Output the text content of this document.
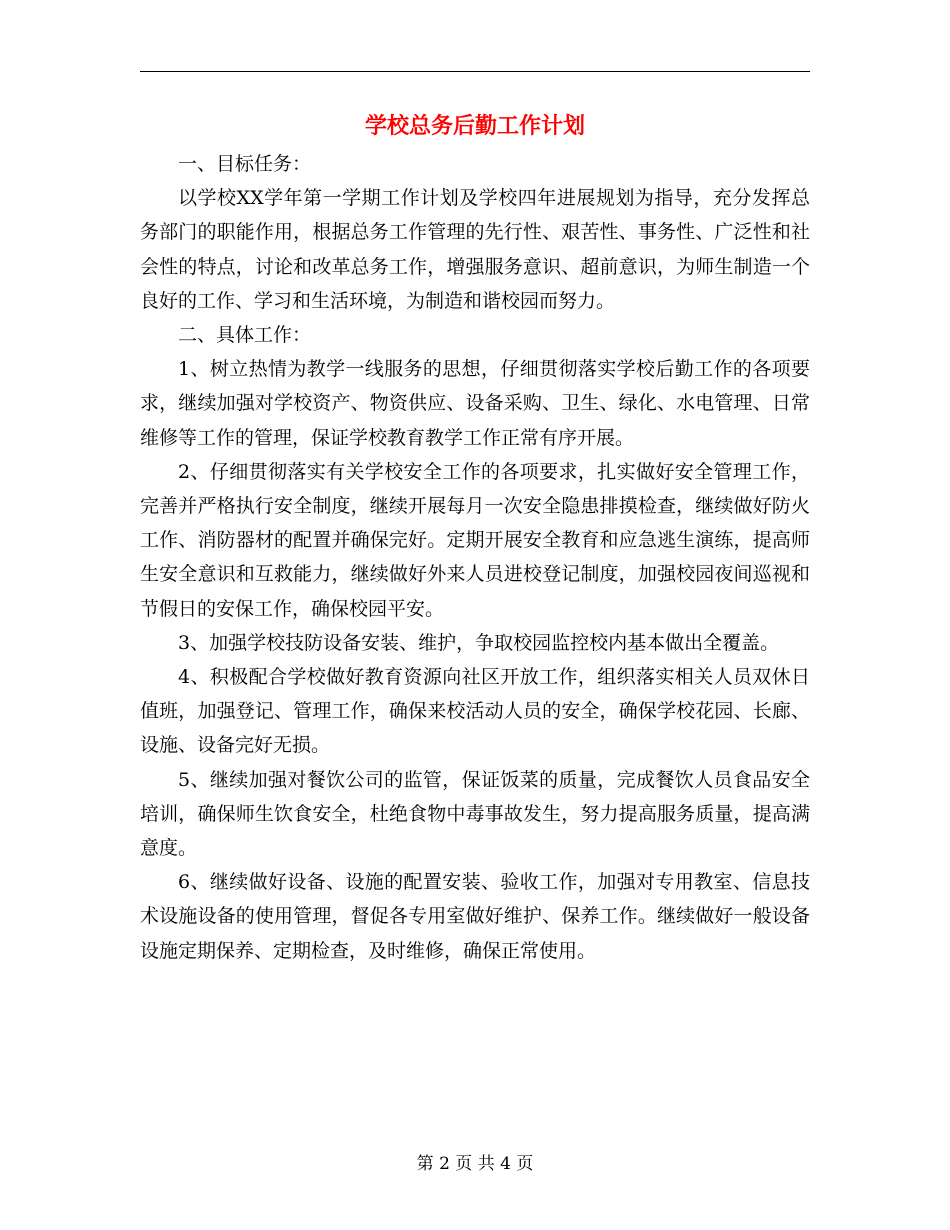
学校总务后勤工作计划

一、目标任务：

以学校XX学年第一学期工作计划及学校四年进展规划为指导，充分发挥总务部门的职能作用，根据总务工作管理的先行性、艰苦性、事务性、广泛性和社会性的特点，讨论和改革总务工作，增强服务意识、超前意识，为师生制造一个良好的工作、学习和生活环境，为制造和谐校园而努力。

二、具体工作：

1、树立热情为教学一线服务的思想，仔细贯彻落实学校后勤工作的各项要求，继续加强对学校资产、物资供应、设备采购、卫生、绿化、水电管理、日常维修等工作的管理，保证学校教育教学工作正常有序开展。

2、仔细贯彻落实有关学校安全工作的各项要求，扎实做好安全管理工作，完善并严格执行安全制度，继续开展每月一次安全隐患排摸检查，继续做好防火工作、消防器材的配置并确保完好。定期开展安全教育和应急逃生演练，提高师生安全意识和互救能力，继续做好外来人员进校登记制度，加强校园夜间巡视和节假日的安保工作，确保校园平安。

3、加强学校技防设备安装、维护，争取校园监控校内基本做出全覆盖。

4、积极配合学校做好教育资源向社区开放工作，组织落实相关人员双休日值班，加强登记、管理工作，确保来校活动人员的安全，确保学校花园、长廊、设施、设备完好无损。

5、继续加强对餐饮公司的监管，保证饭菜的质量，完成餐饮人员食品安全培训，确保师生饮食安全，杜绝食物中毒事故发生，努力提高服务质量，提高满意度。

6、继续做好设备、设施的配置安装、验收工作，加强对专用教室、信息技术设施设备的使用管理，督促各专用室做好维护、保养工作。继续做好一般设备设施定期保养、定期检查，及时维修，确保正常使用。

第 2 页 共 4 页
